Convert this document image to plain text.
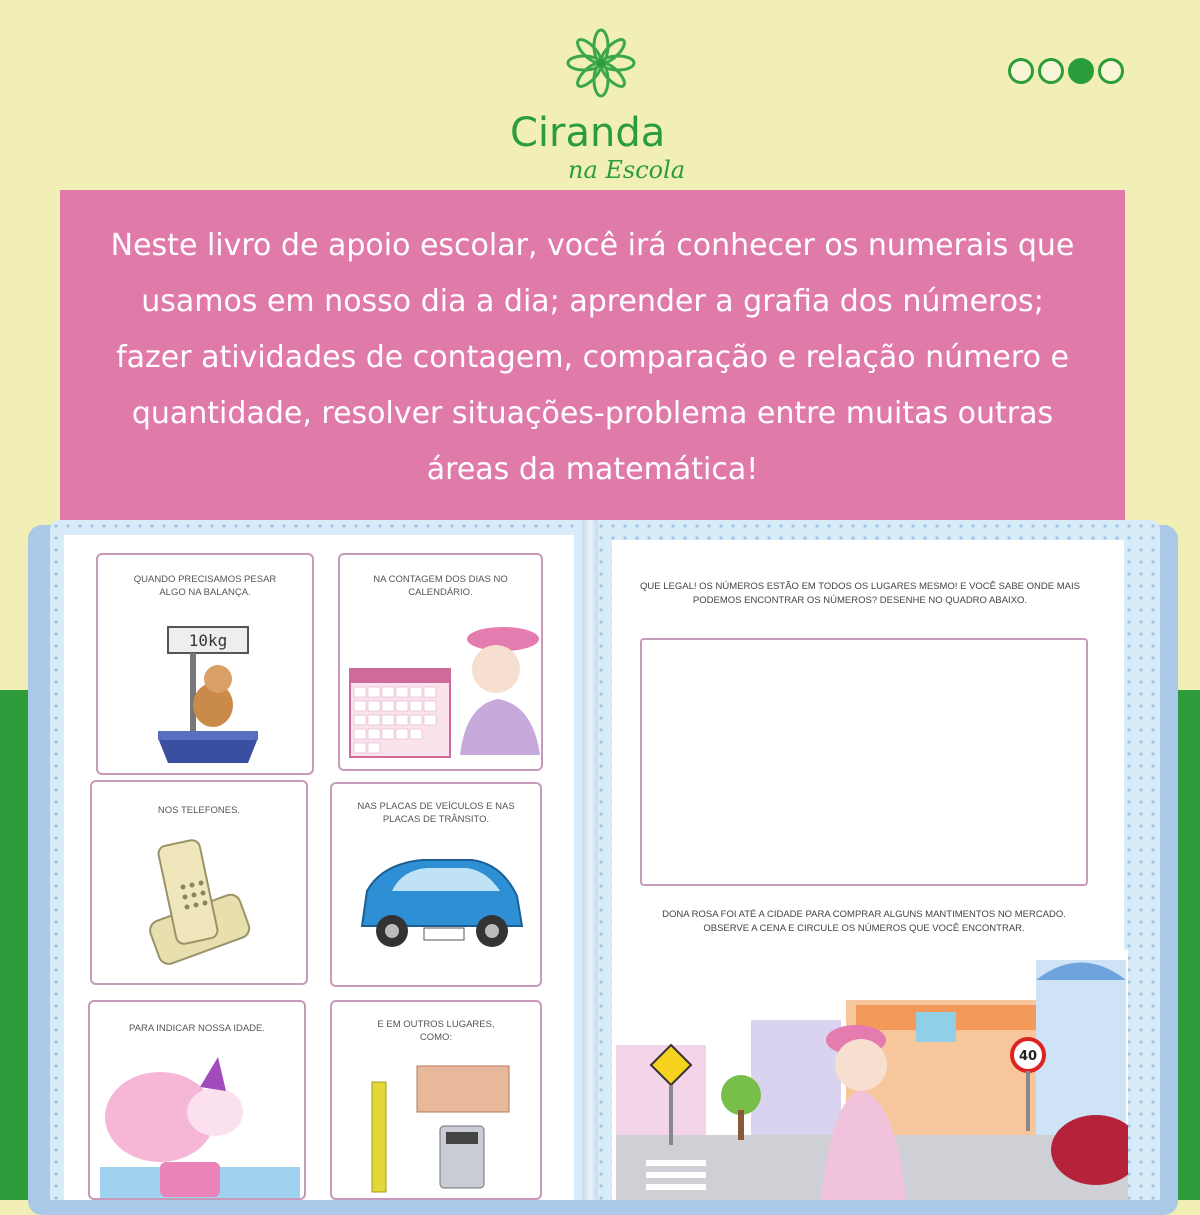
Ciranda
na Escola
Neste livro de apoio escolar, você irá conhecer os numerais que usamos em nosso dia a dia; aprender a grafia dos números; fazer atividades de contagem, comparação e relação número e quantidade, resolver situações-problema entre muitas outras áreas da matemática!
QUANDO PRECISAMOS PESAR ALGO NA BALANÇA.
10kg
NA CONTAGEM DOS DIAS NO CALENDÁRIO.
NOS TELEFONES.	NAS PLACAS DE VEÍCULOS E NAS PLACAS DE TRÂNSITO.
PARA INDICAR NOSSA IDADE.	E EM OUTROS LUGARES, COMO:
QUE LEGAL! OS NÚMEROS ESTÃO EM TODOS OS LUGARES MESMO! E VOCÊ SABE ONDE MAIS PODEMOS ENCONTRAR OS NÚMEROS? DESENHE NO QUADRO ABAIXO.
DONA ROSA FOI ATÉ A CIDADE PARA COMPRAR ALGUNS MANTIMENTOS NO MERCADO. OBSERVE A CENA E CIRCULE OS NÚMEROS QUE VOCÊ ENCONTRAR.
40
